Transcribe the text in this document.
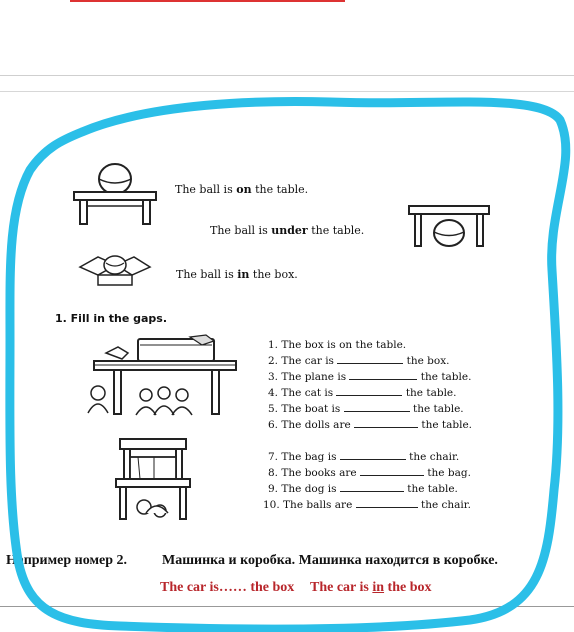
The ball is on the table.
The ball is under the table.
The ball is in the box.
1. Fill in the gaps.
1. The box is on the table.
2. The car is	the box.
3. The plane is	the table.
4. The cat is	the table.
5. The boat is	the table.
6. The dolls are	the table.
7. The bag is	the chair.
8. The books are	the bag.
9. The dog is	the table.
10. The balls are	the chair.
Например номер 2.	Машинка и коробка. Машинка находится в коробке.
The car is…… the box The car is in the box
